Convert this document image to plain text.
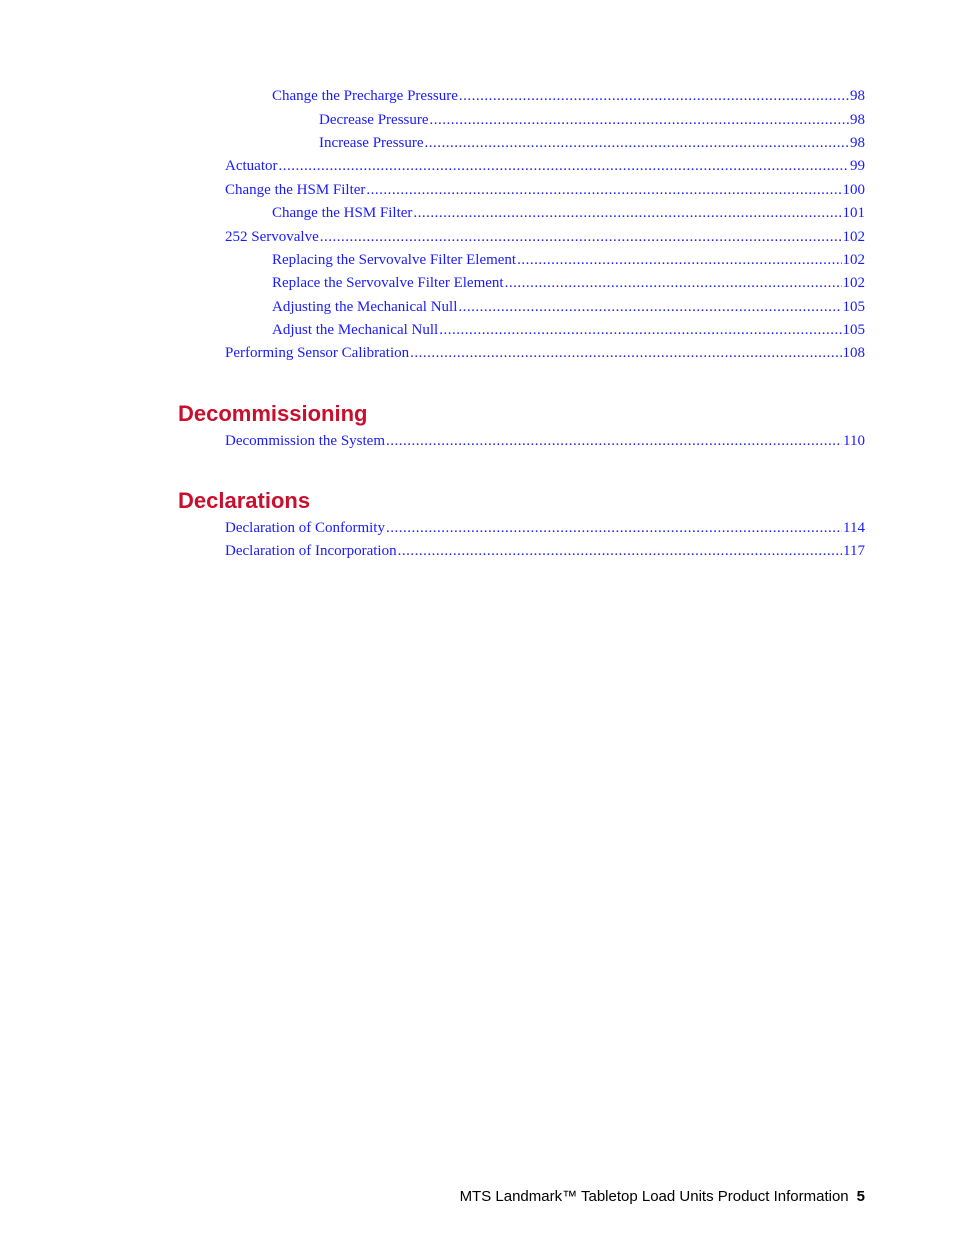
Change the Precharge Pressure .....	98
Decrease Pressure .....	98
Increase Pressure .....	98
Actuator .....	99
Change the HSM Filter .....	100
Change the HSM Filter .....	101
252 Servovalve .....	102
Replacing the Servovalve Filter Element .....	102
Replace the Servovalve Filter Element .....	102
Adjusting the Mechanical Null .....	105
Adjust the Mechanical Null .....	105
Performing Sensor Calibration .....	108
Decommissioning
Decommission the System .....	110
Declarations
Declaration of Conformity .....	114
Declaration of Incorporation .....	117
MTS Landmark™ Tabletop Load Units Product Information 5
